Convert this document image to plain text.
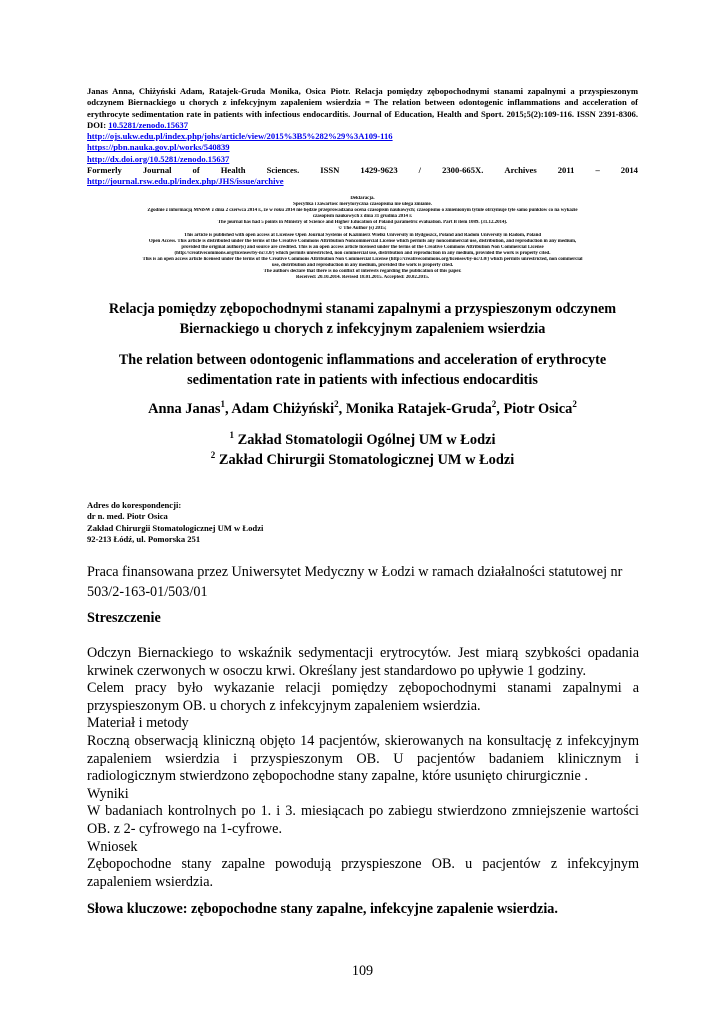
Janas Anna, Chiżyński Adam, Ratajek-Gruda Monika, Osica Piotr. Relacja pomiędzy zębopochodnymi stanami zapalnymi a przyspieszonym odczynem Biernackiego u chorych z infekcyjnym zapaleniem wsierdzia = The relation between odontogenic inflammations and acceleration of erythrocyte sedimentation rate in patients with infectious endocarditis. Journal of Education, Health and Sport. 2015;5(2):109-116. ISSN 2391-8306. DOI: 10.5281/zenodo.15637
http://ojs.ukw.edu.pl/index.php/johs/article/view/2015%3B5%282%29%3A109-116
https://pbn.nauka.gov.pl/works/540839
http://dx.doi.org/10.5281/zenodo.15637
Formerly Journal of Health Sciences. ISSN 1429-9623 / 2300-665X. Archives 2011 – 2014
http://journal.rsw.edu.pl/index.php/JHS/issue/archive
Deklaracja.
Specyfika i zawartość merytoryczna czasopisma nie ulega zmianie.
Zgodnie z informacją MNiSW z dnia 2 czerwca 2014 r., że w roku 2014 nie będzie przeprowadzana ocena czasopism naukowych; czasopismo o zmienionym tytule otrzymuje tyle samo punktów co na wykazie
czasopism naukowych z dnia 31 grudnia 2014 r.
The journal has had 5 points in Ministry of Science and Higher Education of Poland parametric evaluation. Part B item 1089. (31.12.2014).
© The Author (s) 2015;
This article is published with open access at Licensee Open Journal Systems of Kazimierz Wielki University in Bydgoszcz, Poland and Radom University in Radom, Poland
Open Access. This article is distributed under the terms of the Creative Commons Attribution Noncommercial License which permits any noncommercial use, distribution, and reproduction in any medium,
provided the original author(s) and source are credited. This is an open access article licensed under the terms of the Creative Commons Attribution Non Commercial License
(http://creativecommons.org/licenses/by-nc/3.0/) which permits unrestricted, non commercial use, distribution and reproduction in any medium, provided the work is properly cited.
This is an open access article licensed under the terms of the Creative Commons Attribution Non Commercial License (http://creativecommons.org/licenses/by-nc/3.0/) which permits unrestricted, non commercial
use, distribution and reproduction in any medium, provided the work is properly cited.
The authors declare that there is no conflict of interests regarding the publication of this paper.
Received: 20.10.2014. Revised 18.01.2015. Accepted: 20.02.2015.
Relacja pomiędzy zębopochodnymi stanami zapalnymi a przyspieszonym odczynem Biernackiego u chorych z infekcyjnym zapaleniem wsierdzia
The relation between odontogenic inflammations and acceleration of erythrocyte sedimentation rate in patients with infectious endocarditis
Anna Janas$^1$, Adam Chiżyński$^2$, Monika Ratajek-Gruda$^2$, Piotr Osica$^2$
$^1$ Zakład Stomatologii Ogólnej UM w Łodzi
$^2$ Zakład Chirurgii Stomatologicznej UM w Łodzi
Adres do korespondencji:
dr n. med. Piotr Osica
Zakład Chirurgii Stomatologicznej UM w Łodzi
92-213 Łódź, ul. Pomorska 251
Praca finansowana przez Uniwersytet Medyczny w Łodzi w ramach działalności statutowej nr 503/2-163-01/503/01
Streszczenie

Odczyn Biernackiego to wskaźnik sedymentacji erytrocytów. Jest miarą szybkości opadania krwinek czerwonych w osoczu krwi. Określany jest standardowo po upływie 1 godziny.

Celem pracy było wykazanie relacji pomiędzy zębopochodnymi stanami zapalnymi a przyspieszonym OB. u chorych z infekcyjnym zapaleniem wsierdzia.

Materiał i metody

Roczną obserwacją kliniczną objęto 14 pacjentów, skierowanych na konsultację z infekcyjnym zapaleniem wsierdzia i przyspieszonym OB. U pacjentów badaniem klinicznym i radiologicznym stwierdzono zębopochodne stany zapalne, które usunięto chirurgicznie .

Wyniki

W badaniach kontrolnych po 1. i 3. miesiącach po zabiegu stwierdzono zmniejszenie wartości OB. z 2- cyfrowego na 1-cyfrowe.

Wniosek

Zębopochodne stany zapalne powodują przyspieszone OB. u pacjentów z infekcyjnym zapaleniem wsierdzia.

Słowa kluczowe: zębopochodne stany zapalne, infekcyjne zapalenie wsierdzia.
109
